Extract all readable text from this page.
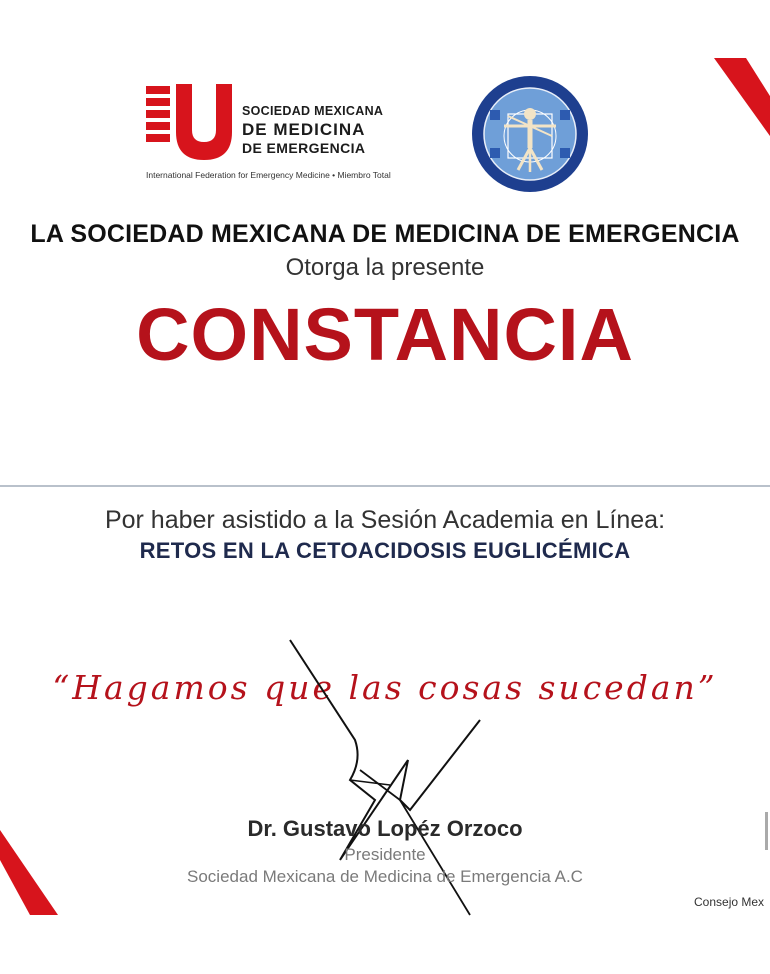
SOCIEDAD MEXICANA
DE MEDICINA
DE EMERGENCIA
International Federation for Emergency Medicine • Miembro Total
LA SOCIEDAD MEXICANA DE MEDICINA DE EMERGENCIA
Otorga la presente
CONSTANCIA
Por haber asistido a la Sesión Academia en Línea:
RETOS EN LA CETOACIDOSIS EUGLICÉMICA
“Hagamos que las cosas sucedan”
Dr. Gustavo Lopéz Orzoco
Presidente
Sociedad Mexicana de Medicina de Emergencia A.C
Consejo Mex
